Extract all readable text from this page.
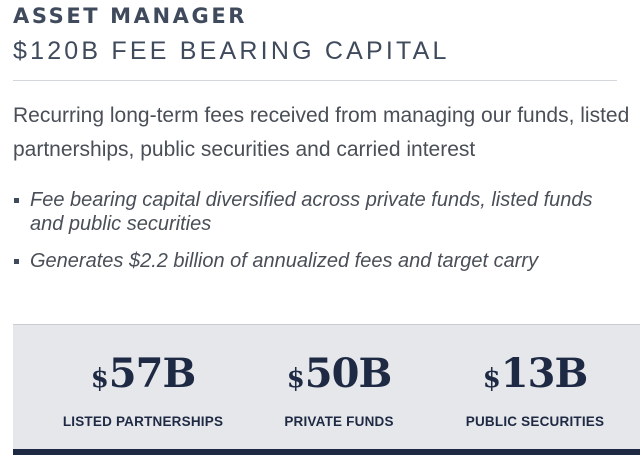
ASSET MANAGER
$120B FEE BEARING CAPITAL
Recurring long-term fees received from managing our funds, listed partnerships, public securities and carried interest
Fee bearing capital diversified across private funds, listed funds and public securities
Generates $2.2 billion of annualized fees and target carry
$57B
LISTED PARTNERSHIPS
$50B
PRIVATE FUNDS
$13B
PUBLIC SECURITIES
